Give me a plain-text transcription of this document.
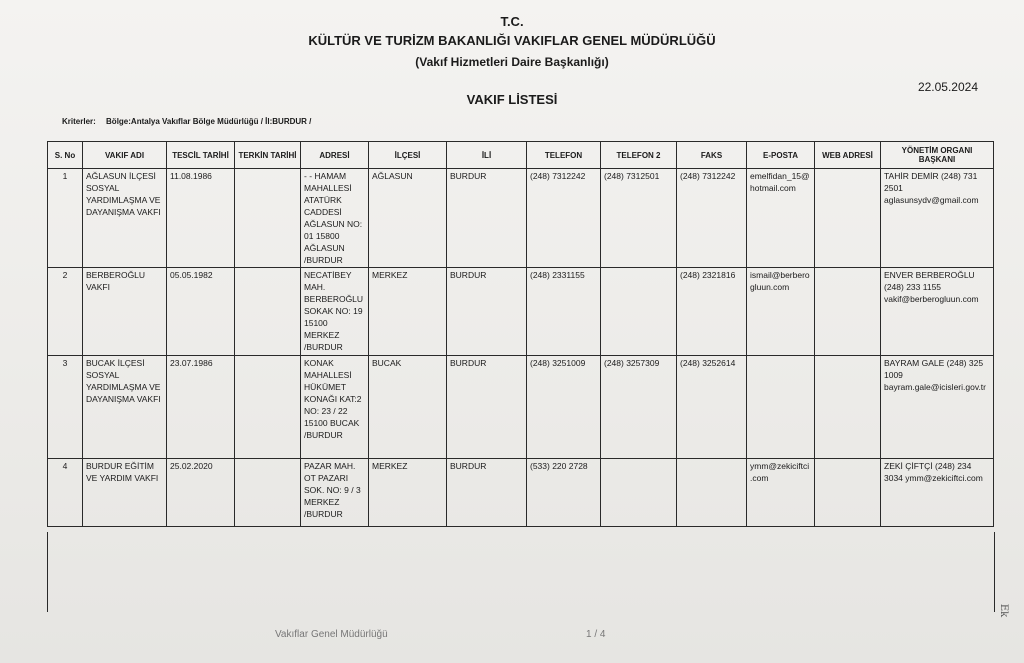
T.C.
KÜLTÜR VE TURİZM BAKANLIĞI VAKIFLAR GENEL MÜDÜRLÜĞÜ
(Vakıf Hizmetleri Daire Başkanlığı)
22.05.2024
VAKIF LİSTESİ
Kriterler: Bölge:Antalya Vakıflar Bölge Müdürlüğü / İl:BURDUR /
S. No	VAKIF ADI	TESCİL TARİHİ	TERKİN TARİHİ	ADRESİ	İLÇESİ	İLİ	TELEFON	TELEFON 2	FAKS	E-POSTA	WEB ADRESİ	YÖNETİM ORGANI BAŞKANI
1	AĞLASUN İLÇESİ SOSYAL YARDIMLAŞMA VE DAYANIŞMA VAKFI	11.08.1986		- - HAMAM MAHALLESİ ATATÜRK CADDESİ AĞLASUN NO: 01 15800 AĞLASUN /BURDUR	AĞLASUN	BURDUR	(248) 7312242	(248) 7312501	(248) 7312242	emelfidan_15@hotmail.com		TAHİR DEMİR (248) 731 2501 aglasunsydv@gmail.com
2	BERBEROĞLU VAKFI	05.05.1982		NECATİBEY MAH. BERBEROĞLU SOKAK NO: 19 15100 MERKEZ /BURDUR	MERKEZ	BURDUR	(248) 2331155		(248) 2321816	ismail@berberogluun.com		ENVER BERBEROĞLU (248) 233 1155 vakif@berberogluun.com
3	BUCAK İLÇESİ SOSYAL YARDIMLAŞMA VE DAYANIŞMA VAKFI	23.07.1986		KONAK MAHALLESİ HÜKÜMET KONAĞI KAT:2 NO: 23 / 22 15100 BUCAK /BURDUR	BUCAK	BURDUR	(248) 3251009	(248) 3257309	(248) 3252614			BAYRAM GALE (248) 325 1009 bayram.gale@icisleri.gov.tr
4	BURDUR EĞİTİM VE YARDIM VAKFI	25.02.2020		PAZAR MAH. OT PAZARI SOK. NO: 9 / 3 MERKEZ /BURDUR	MERKEZ	BURDUR	(533) 220 2728			ymm@zekiciftci.com		ZEKİ ÇİFTÇİ (248) 234 3034 ymm@zekiciftci.com
Vakıflar Genel Müdürlüğü	1 / 4
Ek
